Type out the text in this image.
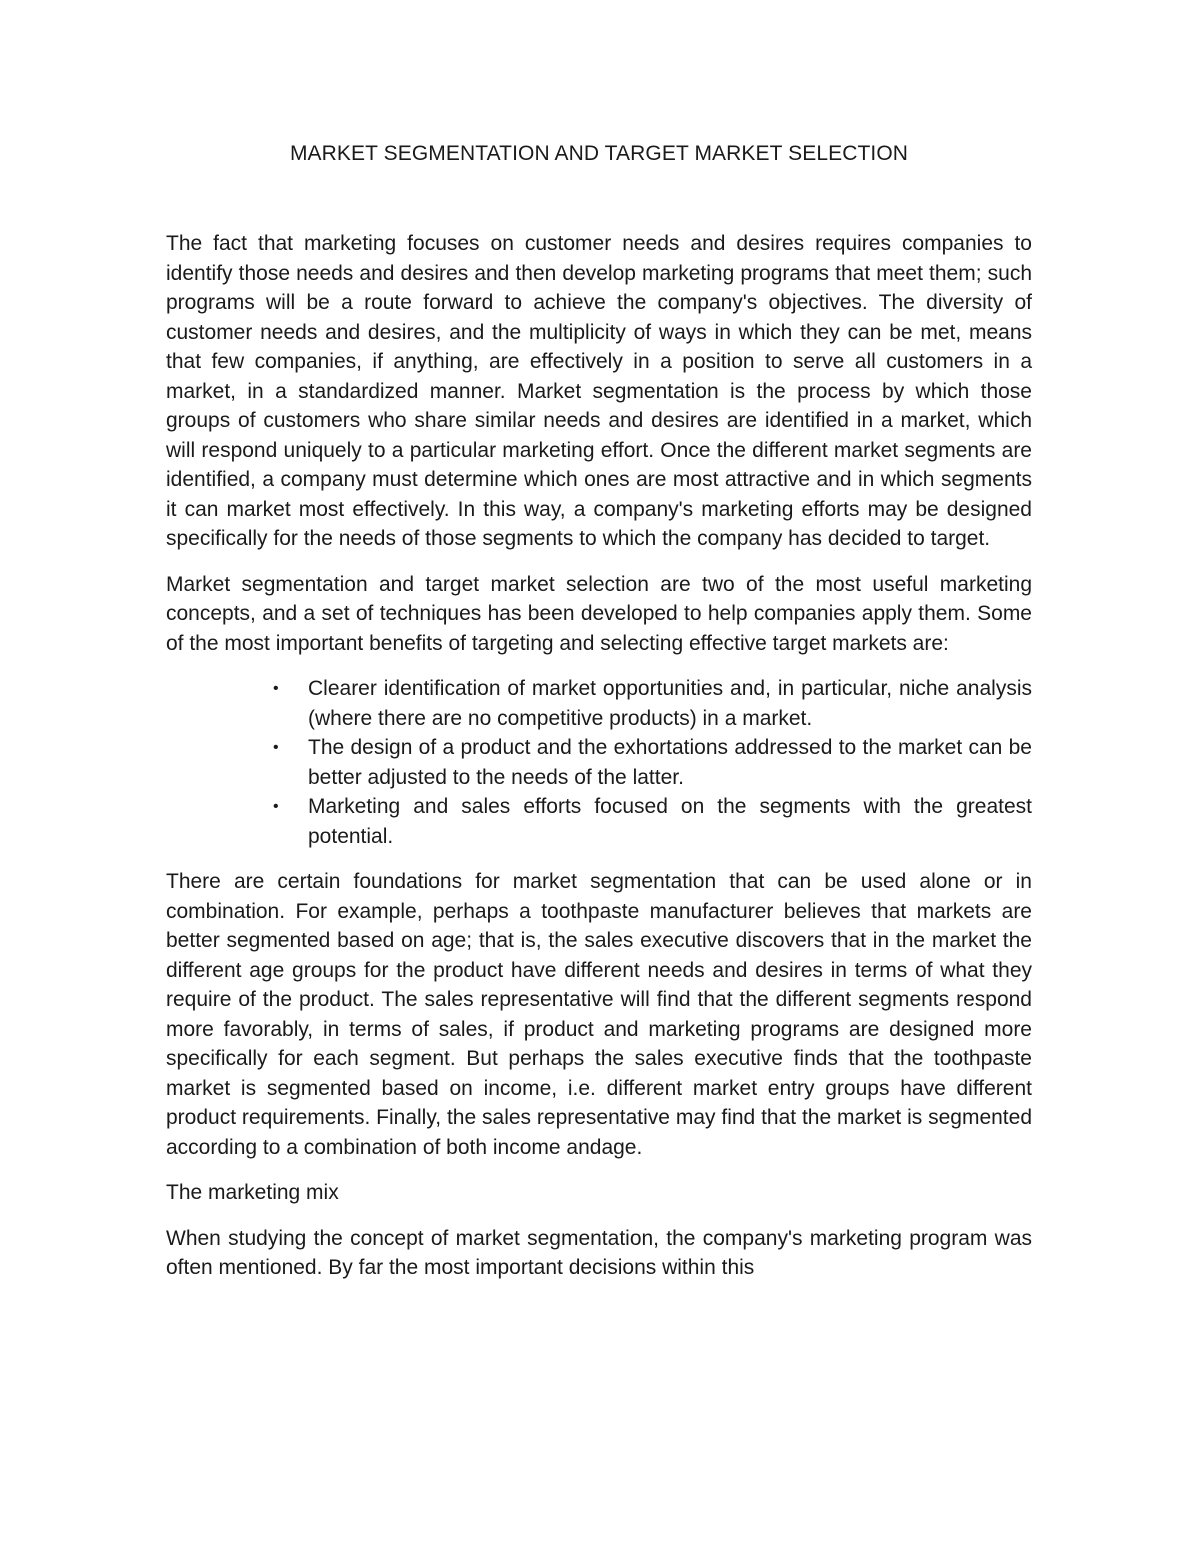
MARKET SEGMENTATION AND TARGET MARKET SELECTION

The fact that marketing focuses on customer needs and desires requires companies to identify those needs and desires and then develop marketing programs that meet them; such programs will be a route forward to achieve the company's objectives. The diversity of customer needs and desires, and the multiplicity of ways in which they can be met, means that few companies, if anything, are effectively in a position to serve all customers in a market, in a standardized manner. Market segmentation is the process by which those groups of customers who share similar needs and desires are identified in a market, which will respond uniquely to a particular marketing effort. Once the different market segments are identified, a company must determine which ones are most attractive and in which segments it can market most effectively. In this way, a company's marketing efforts may be designed specifically for the needs of those segments to which the company has decided to target.

Market segmentation and target market selection are two of the most useful marketing concepts, and a set of techniques has been developed to help companies apply them. Some of the most important benefits of targeting and selecting effective target markets are:

• Clearer identification of market opportunities and, in particular, niche analysis (where there are no competitive products) in a market.
• The design of a product and the exhortations addressed to the market can be better adjusted to the needs of the latter.
• Marketing and sales efforts focused on the segments with the greatest potential.

There are certain foundations for market segmentation that can be used alone or in combination. For example, perhaps a toothpaste manufacturer believes that markets are better segmented based on age; that is, the sales executive discovers that in the market the different age groups for the product have different needs and desires in terms of what they require of the product. The sales representative will find that the different segments respond more favorably, in terms of sales, if product and marketing programs are designed more specifically for each segment. But perhaps the sales executive finds that the toothpaste market is segmented based on income, i.e. different market entry groups have different product requirements. Finally, the sales representative may find that the market is segmented according to a combination of both income andage.

The marketing mix

When studying the concept of market segmentation, the company's marketing program was often mentioned. By far the most important decisions within this
